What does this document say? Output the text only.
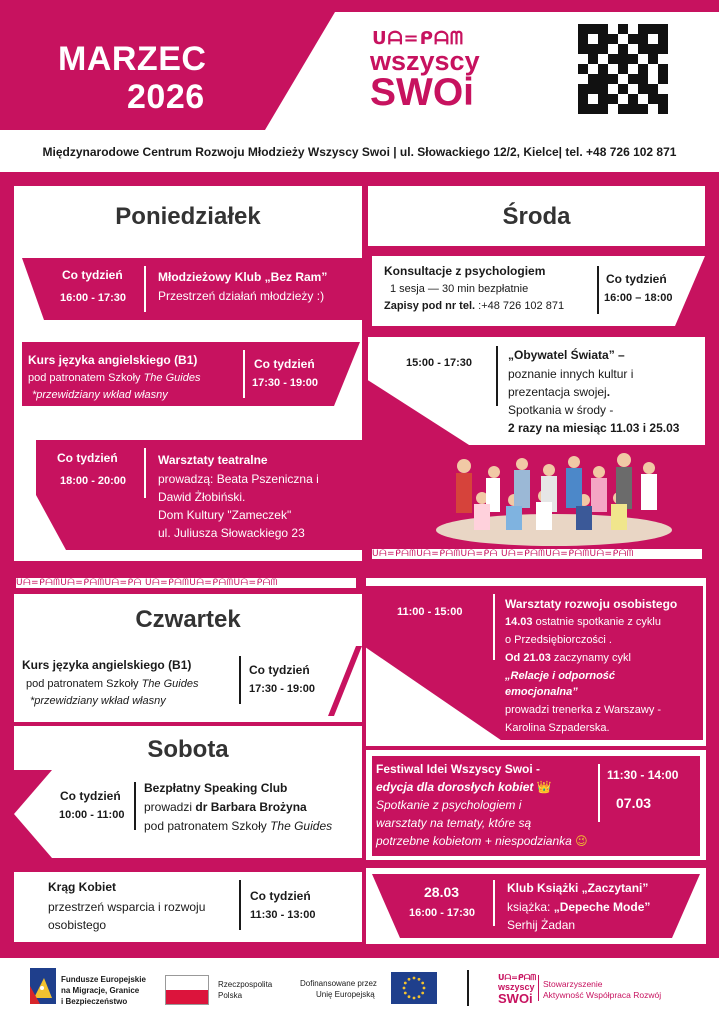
MARZEC
2026
ᑌᗩ=ᑭᗩᗰ
wszyscy
SWOi
Międzynarodowe Centrum Rozwoju Młodzieży Wszyscy Swoi | ul. Słowackiego 12/2, Kielce| tel. +48 726 102 871
Poniedziałek
Co tydzień
16:00 - 17:30
Młodzieżowy Klub „Bez Ram”
Przestrzeń działań młodzieży :)
Kurs języka angielskiego (B1)
pod patronatem Szkoły The Guides
*przewidziany wkład własny
Co tydzień
17:30 - 19:00
Co tydzień
18:00 - 20:00
Warsztaty teatralne
prowadzą: Beata Pszeniczna i
Dawid Żłobiński.
Dom Kultury "Zameczek"
ul. Juliusza Słowackiego 23
Środa
Konsultacje z psychologiem
1 sesja — 30 min bezpłatnie
Zapisy pod nr tel. :+48 726 102 871
Co tydzień
16:00 – 18:00
15:00 - 17:30
„Obywatel Świata” –
poznanie innych kultur i
prezentacja swojej.
Spotkania w środy -
2 razy na miesiąc 11.03 i 25.03
ᑌᗩ=ᑭᗩᗰᑌᗩ=ᑭᗩᗰᑌᗩ=ᑭᗩ ᑌᗩ=ᑭᗩᗰᑌᗩ=ᑭᗩᗰᑌᗩ=ᑭᗩᗰ
ᑌᗩ=ᑭᗩᗰᑌᗩ=ᑭᗩᗰᑌᗩ=ᑭᗩ ᑌᗩ=ᑭᗩᗰᑌᗩ=ᑭᗩᗰᑌᗩ=ᑭᗩᗰ
Czwartek
Kurs języka angielskiego (B1)
pod patronatem Szkoły The Guides
*przewidziany wkład własny
Co tydzień
17:30 - 19:00
Sobota
Co tydzień
10:00 - 11:00
Bezpłatny Speaking Club
prowadzi dr Barbara Brożyna
pod patronatem Szkoły The Guides
Krąg Kobiet
przestrzeń wsparcia i rozwoju
osobistego
Co tydzień
11:30 - 13:00
11:00 - 15:00
Warsztaty rozwoju osobistego
14.03 ostatnie spotkanie z cyklu
o Przedsiębiorczości .
Od 21.03 zaczynamy cykl
„Relacje i odporność
emocjonalna”
prowadzi trenerka z Warszawy -
Karolina Szpaderska.
Festiwal Idei Wszyscy Swoi -
edycja dla dorosłych kobiet 👑
Spotkanie z psychologiem i
warsztaty na tematy, które są
potrzebne kobietom + niespodzianka 😉
11:30 - 14:00
07.03
28.03
16:00 - 17:30
Klub Książki „Zaczytani”
książka: „Depeche Mode”
Serhij Żadan
Fundusze Europejskie
na Migracje, Granice
i Bezpieczeństwo
Rzeczpospolita
Polska
Dofinansowane przez
Unię Europejską
ᑌᗩ=ᑭᗩᗰ
wszyscy
SWOi
Stowarzyszenie
Aktywność Współpraca Rozwój
